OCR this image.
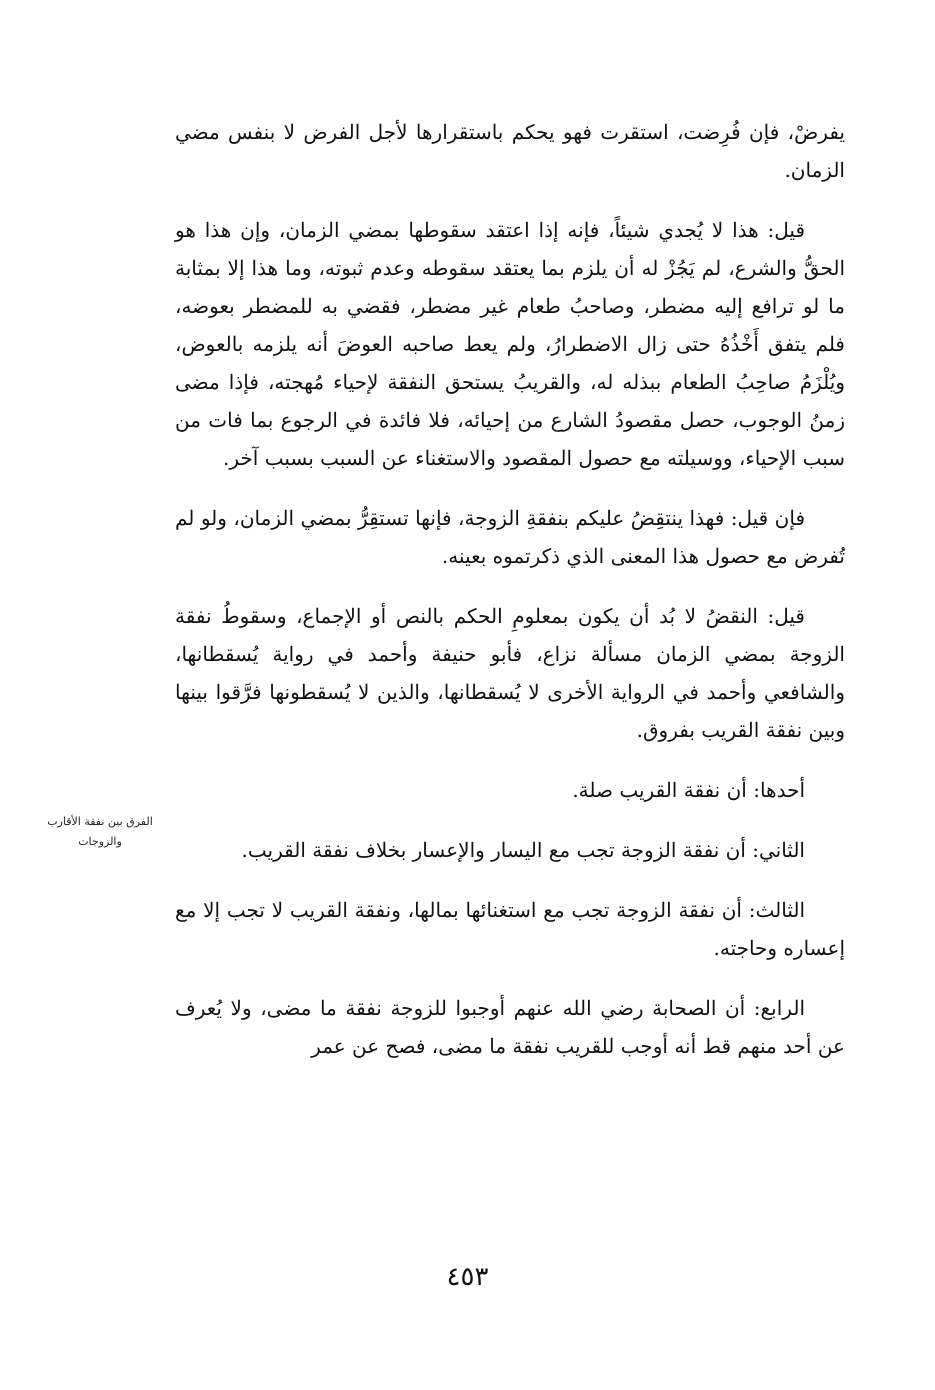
يفرضْ، فإن فُرِضت، استقرت فهو يحكم باستقرارها لأجل الفرض لا بنفس مضي الزمان.

قيل: هذا لا يُجدي شيئاً، فإنه إذا اعتقد سقوطها بمضي الزمان، وإن هذا هو الحقُّ والشرع، لم يَجُزْ له أن يلزم بما يعتقد سقوطه وعدم ثبوته، وما هذا إلا بمثابة ما لو ترافع إليه مضطر، وصاحبُ طعام غير مضطر، فقضي به للمضطر بعوضه، فلم يتفق أَخْذُهُ حتى زال الاضطرارُ، ولم يعط صاحبه العوضَ أنه يلزمه بالعوض، ويُلْزَمُ صاحِبُ الطعام ببذله له، والقريبُ يستحق النفقة لإحياء مُهجته، فإذا مضى زمنُ الوجوب، حصل مقصودُ الشارع من إحيائه، فلا فائدة في الرجوع بما فات من سبب الإحياء، ووسيلته مع حصول المقصود والاستغناء عن السبب بسبب آخر.

فإن قيل: فهذا ينتقِضُ عليكم بنفقةِ الزوجة، فإنها تستقِرُّ بمضي الزمان، ولو لم تُفرض مع حصول هذا المعنى الذي ذكرتموه بعينه.

قيل: النقضُ لا بُد أن يكون بمعلومِ الحكم بالنص أو الإجماع، وسقوطُ نفقة الزوجة بمضي الزمان مسألة نزاع، فأبو حنيفة وأحمد في رواية يُسقطانها، والشافعي وأحمد في الرواية الأخرى لا يُسقطانها، والذين لا يُسقطونها فرَّقوا بينها وبين نفقة القريب بفروق.

أحدها: أن نفقة القريب صلة.

الثاني: أن نفقة الزوجة تجب مع اليسار والإعسار بخلاف نفقة القريب.

الثالث: أن نفقة الزوجة تجب مع استغنائها بمالها، ونفقة القريب لا تجب إلا مع إعساره وحاجته.

الرابع: أن الصحابة رضي الله عنهم أوجبوا للزوجة نفقة ما مضى، ولا يُعرف عن أحد منهم قط أنه أوجب للقريب نفقة ما مضى، فصح عن عمر

الفرق بين نفقة الأقارب والزوجات
٤٥٣
